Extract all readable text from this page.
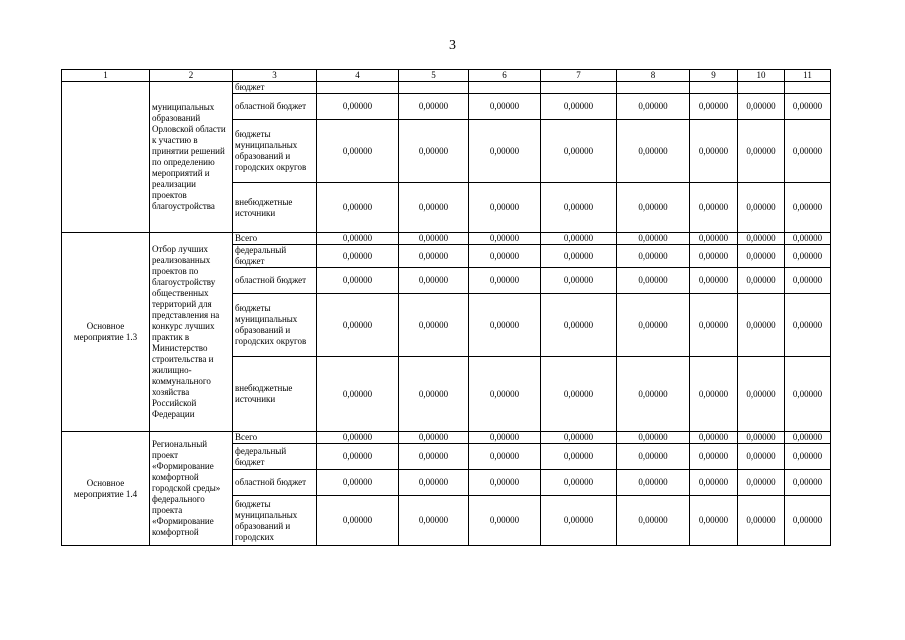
3
1	2	3	4	5	6	7	8	9	10	11
	муниципальных образований Орловской области к участию в принятии решений по определению мероприятий и реализации проектов благоустройства	бюджет								
		областной бюджет	0,00000	0,00000	0,00000	0,00000	0,00000	0,00000	0,00000	0,00000
		бюджеты муниципальных образований и городских округов	0,00000	0,00000	0,00000	0,00000	0,00000	0,00000	0,00000	0,00000
		внебюджетные источники	0,00000	0,00000	0,00000	0,00000	0,00000	0,00000	0,00000	0,00000
Основное мероприятие 1.3	Отбор лучших реализованных проектов по благоустройству общественных территорий для представления на конкурс лучших практик в Министерство строительства и жилищно-коммунального хозяйства Российской Федерации	Всего	0,00000	0,00000	0,00000	0,00000	0,00000	0,00000	0,00000	0,00000
		федеральный бюджет	0,00000	0,00000	0,00000	0,00000	0,00000	0,00000	0,00000	0,00000
		областной бюджет	0,00000	0,00000	0,00000	0,00000	0,00000	0,00000	0,00000	0,00000
		бюджеты муниципальных образований и городских округов	0,00000	0,00000	0,00000	0,00000	0,00000	0,00000	0,00000	0,00000
		внебюджетные источники	0,00000	0,00000	0,00000	0,00000	0,00000	0,00000	0,00000	0,00000
Основное мероприятие 1.4	Региональный проект «Формирование комфортной городской среды» федерального проекта «Формирование комфортной	Всего	0,00000	0,00000	0,00000	0,00000	0,00000	0,00000	0,00000	0,00000
		федеральный бюджет	0,00000	0,00000	0,00000	0,00000	0,00000	0,00000	0,00000	0,00000
		областной бюджет	0,00000	0,00000	0,00000	0,00000	0,00000	0,00000	0,00000	0,00000
		бюджеты муниципальных образований и городских	0,00000	0,00000	0,00000	0,00000	0,00000	0,00000	0,00000	0,00000
